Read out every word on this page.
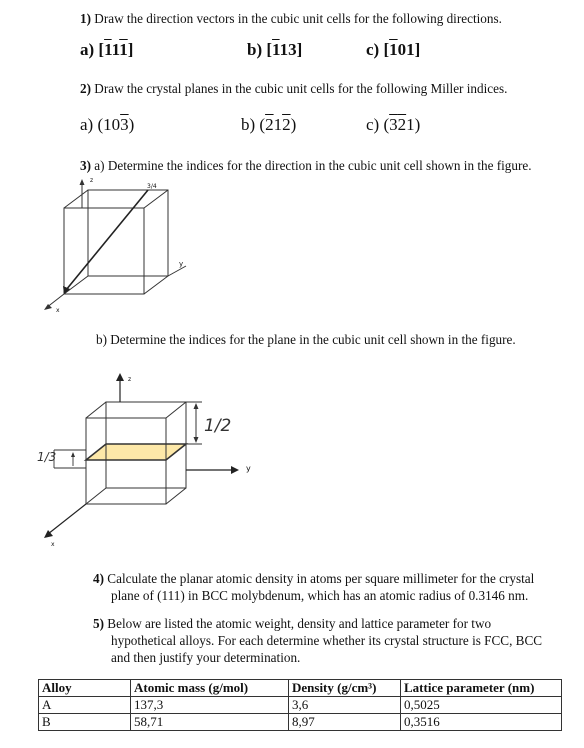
1) Draw the direction vectors in the cubic unit cells for the following directions.
a) [111]	b) [113]	c) [101]
2) Draw the crystal planes in the cubic unit cells for the following Miller indices.
a) (103)	b) (212)	c) (321)
3) a) Determine the indices for the direction in the cubic unit cell shown in the figure.
z
3/4
y
x
b) Determine the indices for the plane in the cubic unit cell shown in the figure.
z
1/2
1/3
y
x
4) Calculate the planar atomic density in atoms per square millimeter for the crystal
plane of (111) in BCC molybdenum, which has an atomic radius of 0.3146 nm.
5) Below are listed the atomic weight, density and lattice parameter for two
hypothetical alloys. For each determine whether its crystal structure is FCC, BCC
and then justify your determination.
Alloy	Atomic mass (g/mol)	Density (g/cm³)	Lattice parameter (nm)
A	137,3	3,6	0,5025
B	58,71	8,97	0,3516
